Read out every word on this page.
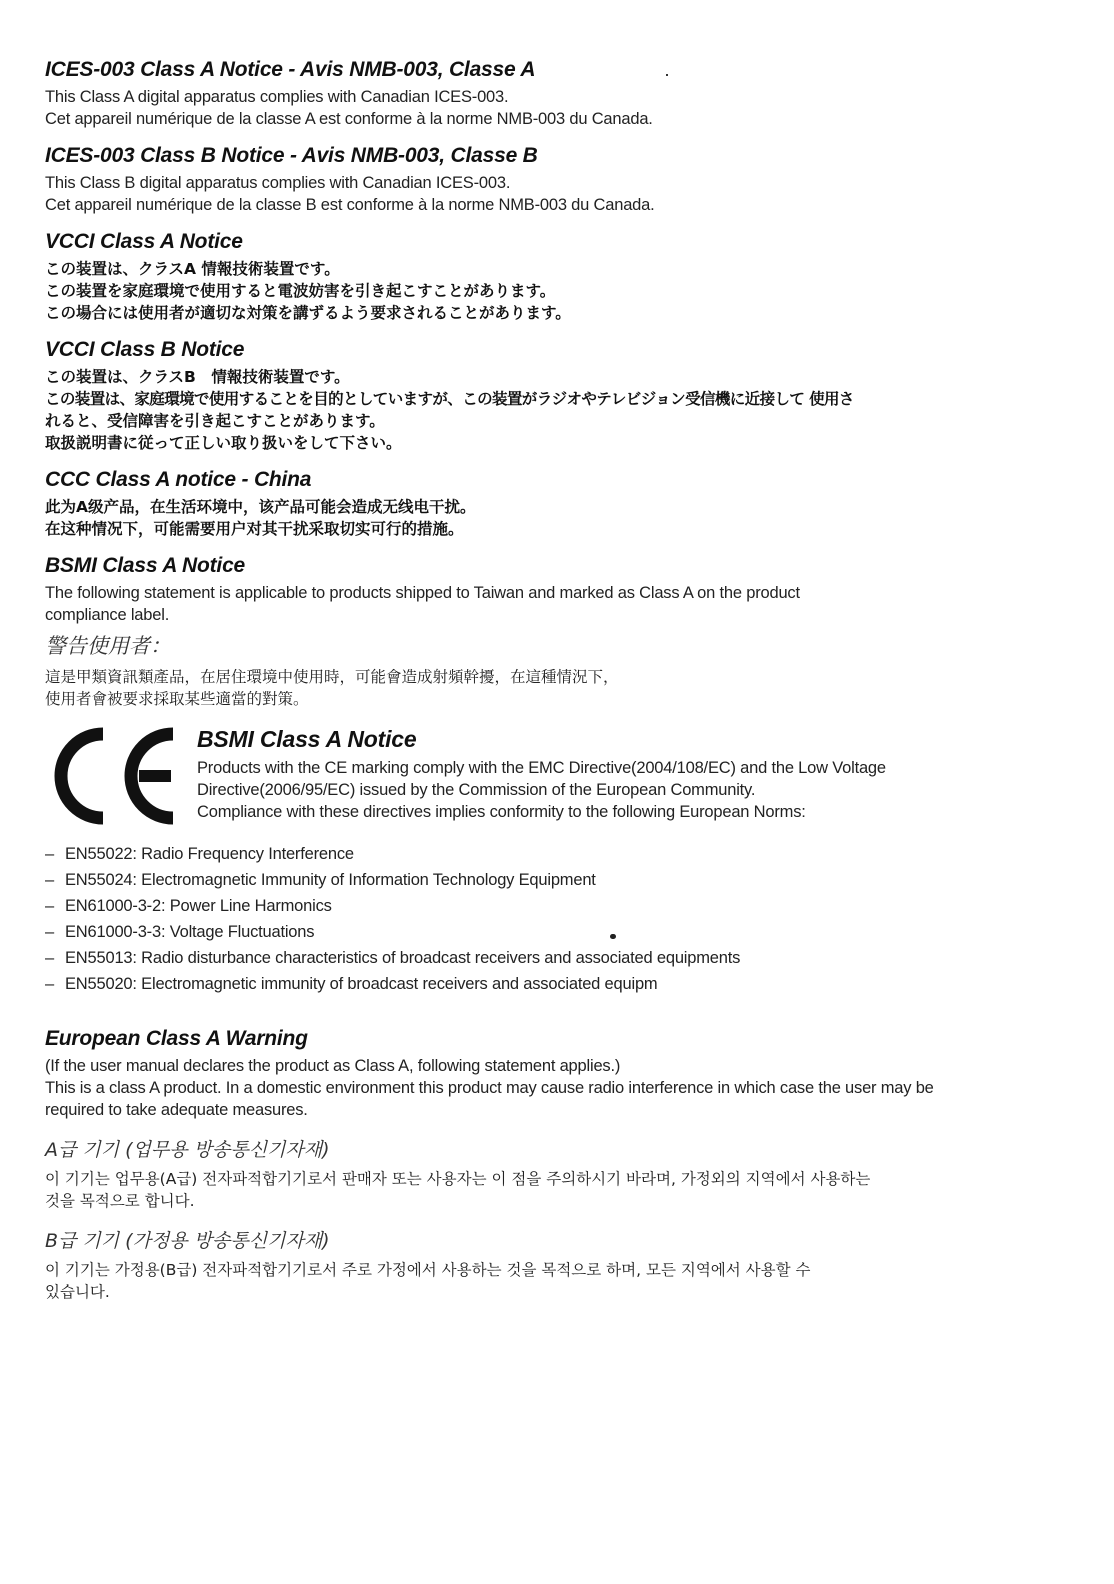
ICES-003 Class A Notice - Avis NMB-003, Classe A
This Class A digital apparatus complies with Canadian ICES-003.
Cet appareil numérique de la classe A est conforme à la norme NMB-003 du Canada.
ICES-003 Class B Notice - Avis NMB-003, Classe B
This Class B digital apparatus complies with Canadian ICES-003.
Cet appareil numérique de la classe B est conforme à la norme NMB-003 du Canada.
VCCI Class A Notice
この装置は、クラスA 情報技術装置です。
この装置を家庭環境で使用すると電波妨害を引き起こすことがあります。
この場合には使用者が適切な対策を講ずるよう要求されることがあります。
VCCI Class B Notice
この装置は、クラスB　情報技術装置です。
この装置は、家庭環境で使用することを目的としていますが、この装置がラジオやテレビジョン受信機に近接して 使用さ
れると、受信障害を引き起こすことがあります。
取扱説明書に従って正しい取り扱いをして下さい。
CCC Class A notice - China
此为A级产品，在生活环境中，该产品可能会造成无线电干扰。
在这种情况下，可能需要用户对其干扰采取切实可行的措施。
BSMI Class A Notice
The following statement is applicable to products shipped to Taiwan and marked as Class A on the product
compliance label.
警告使用者：
這是甲類資訊類產品，在居住環境中使用時，可能會造成射頻幹擾，在這種情況下，
使用者會被要求採取某些適當的對策。
BSMI Class A Notice
Products with the CE marking comply with the EMC Directive(2004/108/EC) and the Low Voltage
Directive(2006/95/EC) issued by the Commission of the European Community.
Compliance with these directives implies conformity to the following European Norms:
– EN55022: Radio Frequency Interference
– EN55024: Electromagnetic Immunity of Information Technology Equipment
– EN61000-3-2: Power Line Harmonics
– EN61000-3-3: Voltage Fluctuations
– EN55013: Radio disturbance characteristics of broadcast receivers and associated equipments
– EN55020: Electromagnetic immunity of broadcast receivers and associated equipm
European Class A Warning
(If the user manual declares the product as Class A, following statement applies.)
This is a class A product. In a domestic environment this product may cause radio interference in which case the user may be
required to take adequate measures.
A급 기기 (업무용 방송통신기자재)
이 기기는 업무용(A급) 전자파적합기기로서 판매자 또는 사용자는 이 점을 주의하시기 바라며, 가정외의 지역에서 사용하는
것을 목적으로 합니다.
B급 기기 (가정용 방송통신기자재)
이 기기는 가정용(B급) 전자파적합기기로서 주로 가정에서 사용하는 것을 목적으로 하며, 모든 지역에서 사용할 수
있습니다.
